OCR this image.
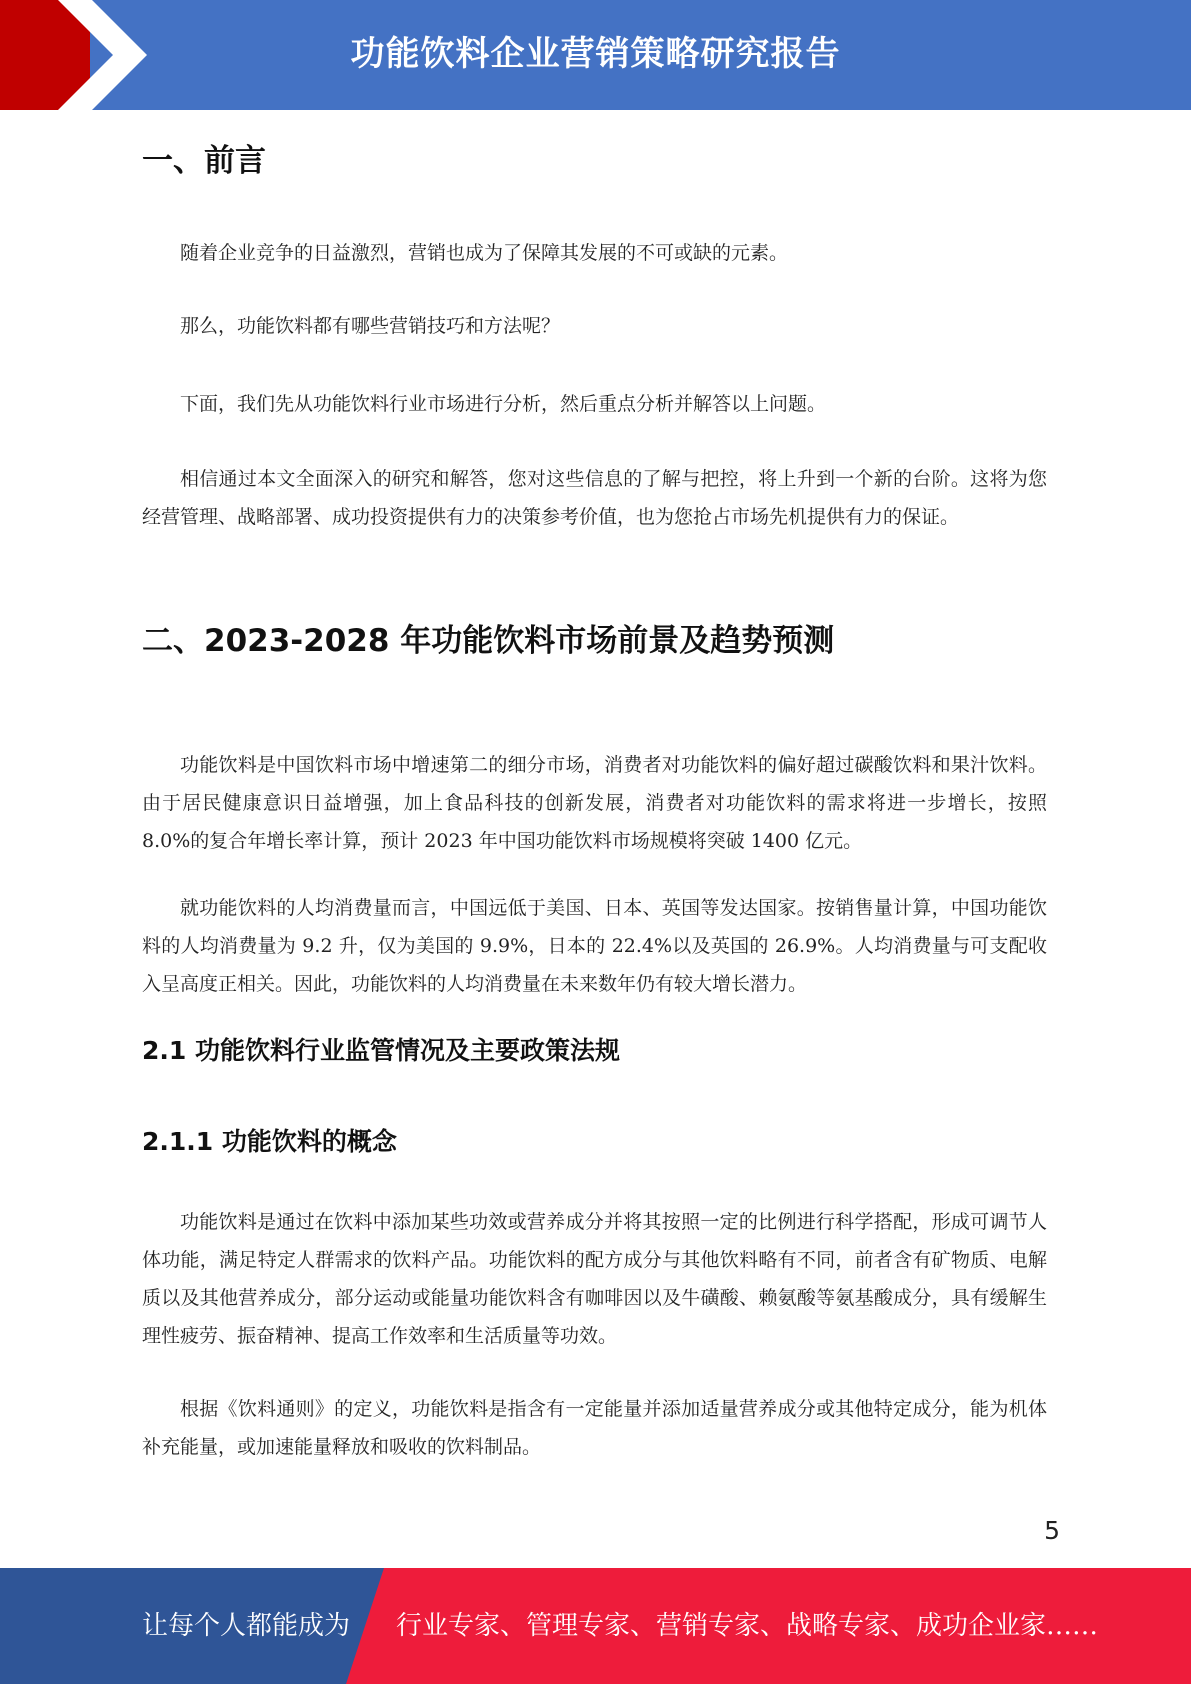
功能饮料企业营销策略研究报告
一、前言

随着企业竞争的日益激烈，营销也成为了保障其发展的不可或缺的元素。

那么，功能饮料都有哪些营销技巧和方法呢？

下面，我们先从功能饮料行业市场进行分析，然后重点分析并解答以上问题。

相信通过本文全面深入的研究和解答，您对这些信息的了解与把控，将上升到一个新的台阶。这将为您经营管理、战略部署、成功投资提供有力的决策参考价值，也为您抢占市场先机提供有力的保证。

二、2023-2028 年功能饮料市场前景及趋势预测

功能饮料是中国饮料市场中增速第二的细分市场，消费者对功能饮料的偏好超过碳酸饮料和果汁饮料。由于居民健康意识日益增强，加上食品科技的创新发展，消费者对功能饮料的需求将进一步增长，按照 8.0%的复合年增长率计算，预计 2023 年中国功能饮料市场规模将突破 1400 亿元。

就功能饮料的人均消费量而言，中国远低于美国、日本、英国等发达国家。按销售量计算，中国功能饮料的人均消费量为 9.2 升，仅为美国的 9.9%，日本的 22.4%以及英国的 26.9%。人均消费量与可支配收入呈高度正相关。因此，功能饮料的人均消费量在未来数年仍有较大增长潜力。

2.1 功能饮料行业监管情况及主要政策法规
2.1.1 功能饮料的概念

功能饮料是通过在饮料中添加某些功效或营养成分并将其按照一定的比例进行科学搭配，形成可调节人体功能，满足特定人群需求的饮料产品。功能饮料的配方成分与其他饮料略有不同，前者含有矿物质、电解质以及其他营养成分，部分运动或能量功能饮料含有咖啡因以及牛磺酸、赖氨酸等氨基酸成分，具有缓解生理性疲劳、振奋精神、提高工作效率和生活质量等功效。

根据《饮料通则》的定义，功能饮料是指含有一定能量并添加适量营养成分或其他特定成分，能为机体补充能量，或加速能量释放和吸收的饮料制品。

5
让每个人都能成为 行业专家、管理专家、营销专家、战略专家、成功企业家……
